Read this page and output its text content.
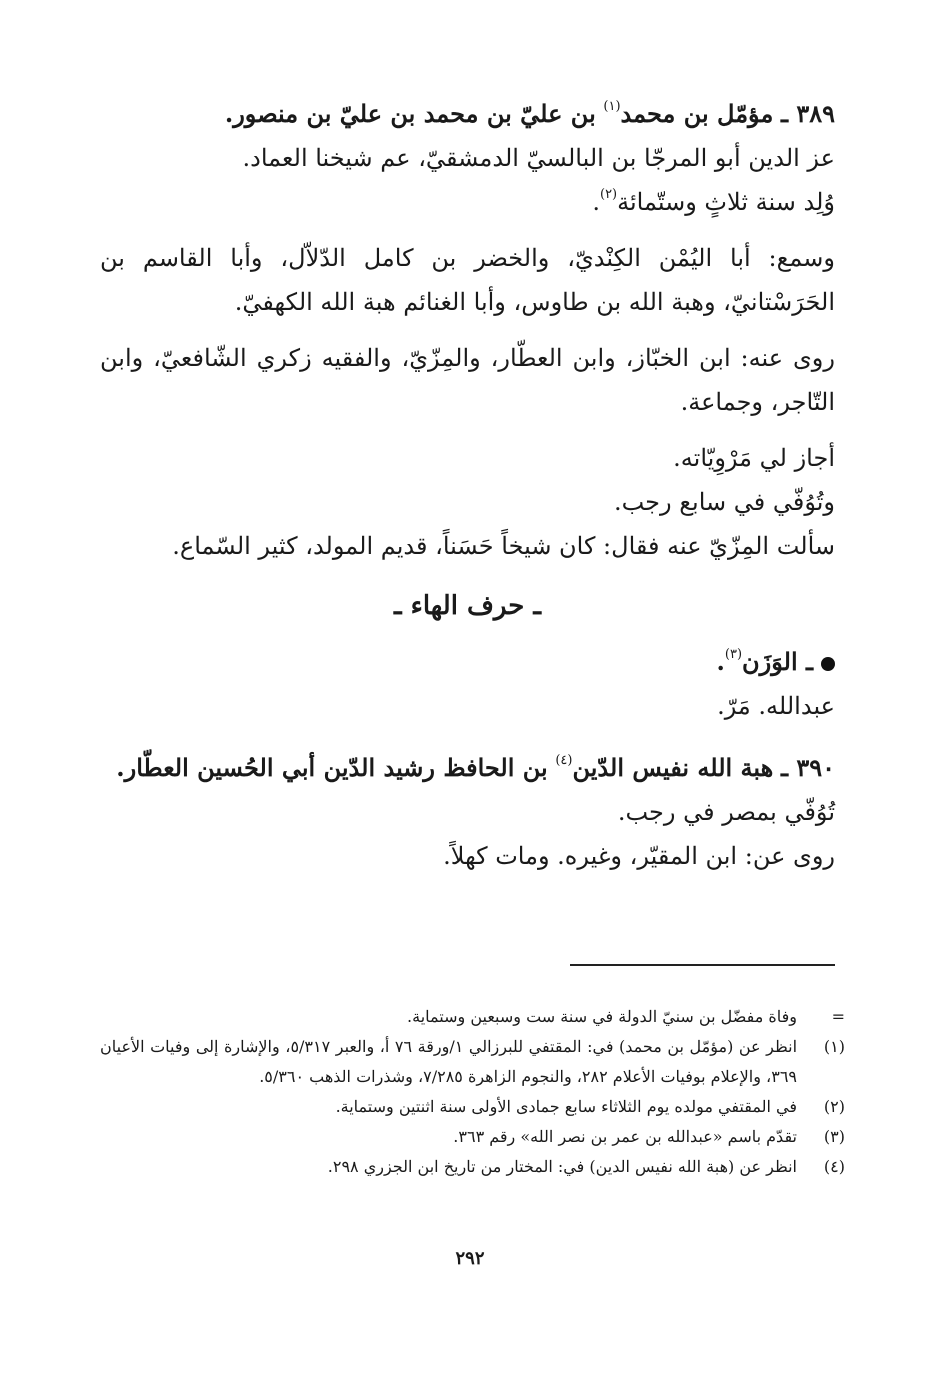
٣٨٩ ـ مؤمّل بن محمد$^{(١)}$ بن عليّ بن محمد بن عليّ بن منصور.

عز الدين أبو المرجّا بن البالسيّ الدمشقيّ، عم شيخنا العماد.

وُلِد سنة ثلاثٍ وستّمائة$^{(٢)}$.

وسمع: أبا اليُمْن الكِنْديّ، والخضر بن كامل الدّلاّل، وأبا القاسم بن الحَرَسْتانيّ، وهبة الله بن طاوس، وأبا الغنائم هبة الله الكهفيّ.

روى عنه: ابن الخبّاز، وابن العطّار، والمِزّيّ، والفقيه زكري الشّافعيّ، وابن التّاجر، وجماعة.

أجاز لي مَرْوِيّاته.

وتُوُفّي في سابع رجب.

سألت المِزّيّ عنه فقال: كان شيخاً حَسَناً، قديم المولد، كثير السّماع.

ـ حرف الهاء ـ

ـ الوَزَن$^{(٣)}$.

عبدالله. مَرّ.

٣٩٠ ـ هبة الله نفيس الدّين$^{(٤)}$ بن الحافظ رشيد الدّين أبي الحُسين العطّار.

تُوُفّي بمصر في رجب.

روى عن: ابن المقيّر، وغيره. ومات كهلاً.

=
وفاة مفضّل بن سنيّ الدولة في سنة ست وسبعين وستماية.
(١)
انظر عن (مؤمّل بن محمد) في: المقتفي للبرزالي ١/ورقة ٧٦ أ، والعبر ٥/٣١٧، والإشارة إلى وفيات الأعيان ٣٦٩، والإعلام بوفيات الأعلام ٢٨٢، والنجوم الزاهرة ٧/٢٨٥، وشذرات الذهب ٥/٣٦٠.
(٢)
في المقتفي مولده يوم الثلاثاء سابع جمادى الأولى سنة اثنتين وستماية.
(٣)
تقدّم باسم «عبدالله بن عمر بن نصر الله» رقم ٣٦٣.
(٤)
انظر عن (هبة الله نفيس الدين) في: المختار من تاريخ ابن الجزري ٢٩٨.
٢٩٢
